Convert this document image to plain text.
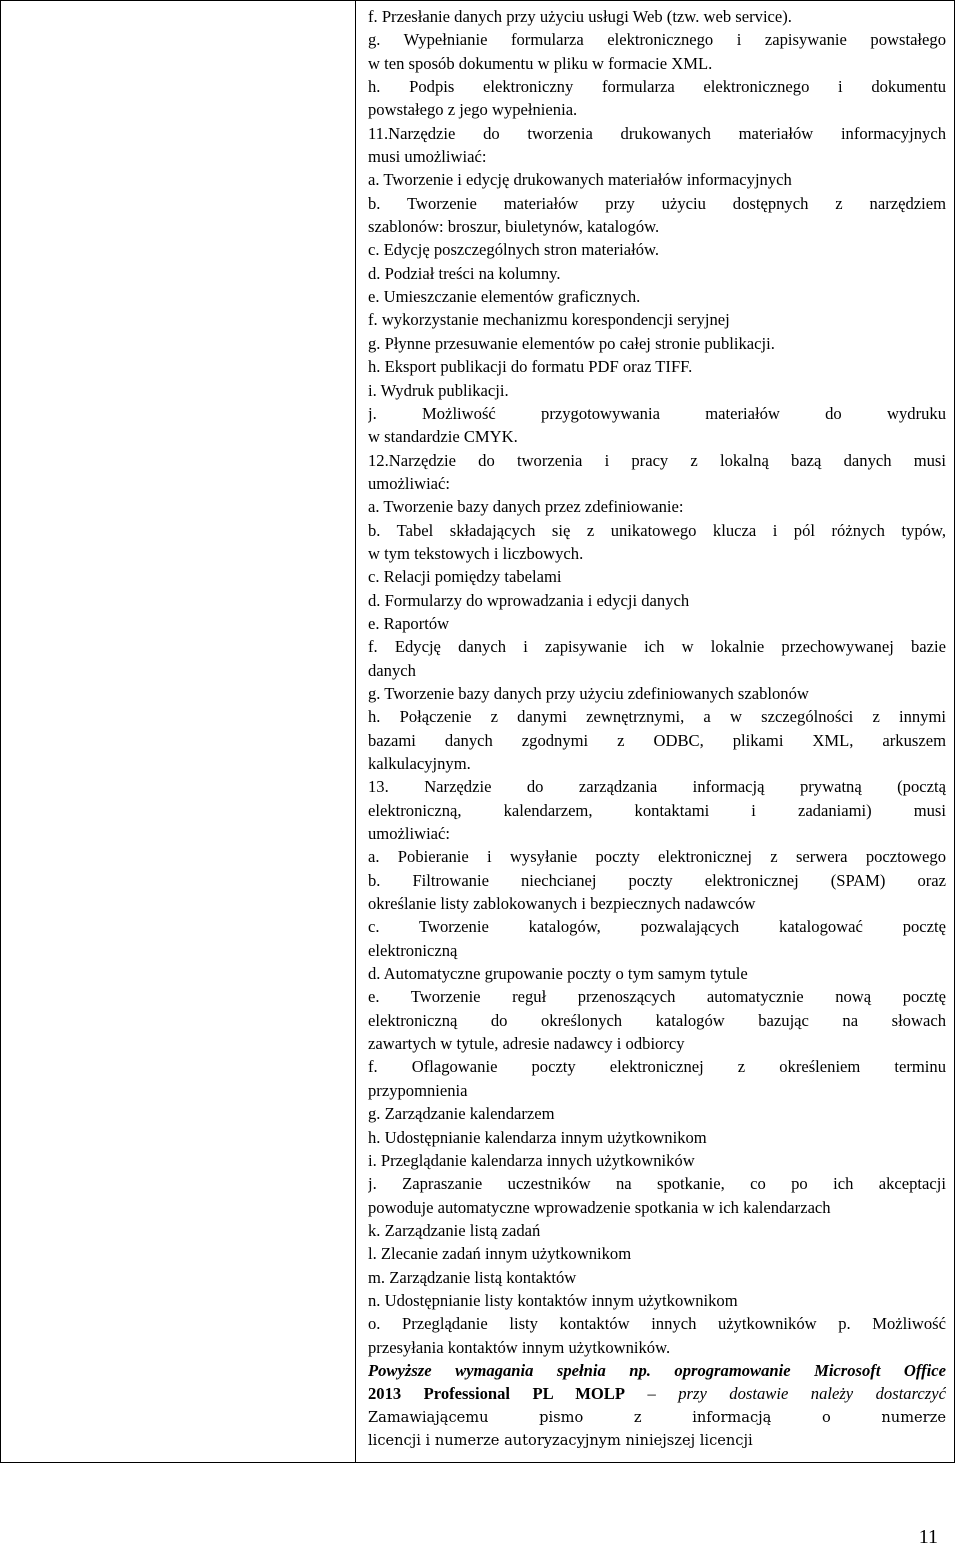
f. Przesłanie danych przy użyciu usługi Web (tzw. web service).
g. Wypełnianie formularza elektronicznego i zapisywanie powstałego
w ten sposób dokumentu w pliku w formacie XML.
h. Podpis elektroniczny formularza elektronicznego i dokumentu
powstałego z jego wypełnienia.
11.Narzędzie do tworzenia drukowanych materiałów informacyjnych
musi umożliwiać:
a. Tworzenie i edycję drukowanych materiałów informacyjnych
b. Tworzenie materiałów przy użyciu dostępnych z narzędziem
szablonów: broszur, biuletynów, katalogów.
c. Edycję poszczególnych stron materiałów.
d. Podział treści na kolumny.
e. Umieszczanie elementów graficznych.
f. wykorzystanie mechanizmu korespondencji seryjnej
g. Płynne przesuwanie elementów po całej stronie publikacji.
h. Eksport publikacji do formatu PDF oraz TIFF.
i. Wydruk publikacji.
j. Możliwość przygotowywania materiałów do wydruku
w standardzie CMYK.
12.Narzędzie do tworzenia i pracy z lokalną bazą danych musi
umożliwiać:
a. Tworzenie bazy danych przez zdefiniowanie:
b. Tabel składających się z unikatowego klucza i pól różnych typów,
w tym tekstowych i liczbowych.
c. Relacji pomiędzy tabelami
d. Formularzy do wprowadzania i edycji danych
e. Raportów
f. Edycję danych i zapisywanie ich w lokalnie przechowywanej bazie
danych
g. Tworzenie bazy danych przy użyciu zdefiniowanych szablonów
h. Połączenie z danymi zewnętrznymi, a w szczególności z innymi
bazami danych zgodnymi z ODBC, plikami XML, arkuszem
kalkulacyjnym.
13. Narzędzie do zarządzania informacją prywatną (pocztą
elektroniczną, kalendarzem, kontaktami i zadaniami) musi
umożliwiać:
a. Pobieranie i wysyłanie poczty elektronicznej z serwera pocztowego
b. Filtrowanie niechcianej poczty elektronicznej (SPAM) oraz
określanie listy zablokowanych i bezpiecznych nadawców
c. Tworzenie katalogów, pozwalających katalogować pocztę
elektroniczną
d. Automatyczne grupowanie poczty o tym samym tytule
e. Tworzenie reguł przenoszących automatycznie nową pocztę
elektroniczną do określonych katalogów bazując na słowach
zawartych w tytule, adresie nadawcy i odbiorcy
f. Oflagowanie poczty elektronicznej z określeniem terminu
przypomnienia
g. Zarządzanie kalendarzem
h. Udostępnianie kalendarza innym użytkownikom
i. Przeglądanie kalendarza innych użytkowników
j. Zapraszanie uczestników na spotkanie, co po ich akceptacji
powoduje automatyczne wprowadzenie spotkania w ich kalendarzach
k. Zarządzanie listą zadań
l. Zlecanie zadań innym użytkownikom
m. Zarządzanie listą kontaktów
n. Udostępnianie listy kontaktów innym użytkownikom
o. Przeglądanie listy kontaktów innych użytkowników p. Możliwość
przesyłania kontaktów innym użytkowników.
Powyższe wymagania spełnia np. oprogramowanie Microsoft Office
2013 Professional PL MOLP – przy dostawie należy dostarczyć
Zamawiającemu pismo z informacją o numerze
licencji i numerze autoryzacyjnym niniejszej licencji
11
